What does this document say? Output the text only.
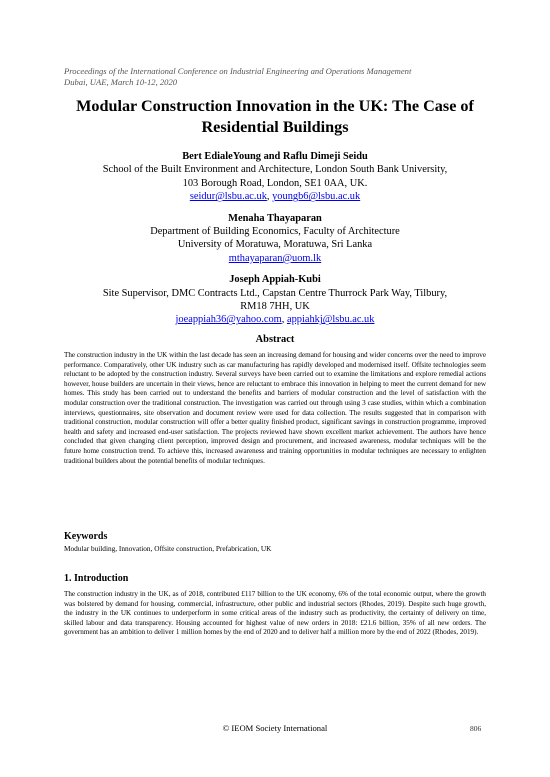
Proceedings of the International Conference on Industrial Engineering and Operations Management
Dubai, UAE, March 10-12, 2020
Modular Construction Innovation in the UK: The Case of
Residential Buildings
Bert EdialeYoung and Raflu Dimeji Seidu
School of the Built Environment and Architecture, London South Bank University,
103 Borough Road, London, SE1 0AA, UK.
seidur@lsbu.ac.uk, youngb6@lsbu.ac.uk
Menaha Thayaparan
Department of Building Economics, Faculty of Architecture
University of Moratuwa, Moratuwa, Sri Lanka
mthayaparan@uom.lk
Joseph Appiah-Kubi
Site Supervisor, DMC Contracts Ltd., Capstan Centre Thurrock Park Way, Tilbury,
RM18 7HH, UK
joeappiah36@yahoo.com, appiahkj@lsbu.ac.uk
Abstract
The construction industry in the UK within the last decade has seen an increasing demand for housing and wider concerns over the need to improve performance. Comparatively, other UK industry such as car manufacturing has rapidly developed and modernised itself. Offsite technologies seem reluctant to be adopted by the construction industry. Several surveys have been carried out to examine the limitations and explore remedial actions however, house builders are uncertain in their views, hence are reluctant to embrace this innovation in helping to meet the current demand for new homes. This study has been carried out to understand the benefits and barriers of modular construction and the level of satisfaction with the modular construction over the traditional construction. The investigation was carried out through using 3 case studies, within which a combination interviews, questionnaires, site observation and document review were used for data collection. The results suggested that in comparison with traditional construction, modular construction will offer a better quality finished product, significant savings in construction programme, improved health and safety and increased end-user satisfaction. The projects reviewed have shown excellent market achievement. The authors have hence concluded that given changing client perception, improved design and procurement, and increased awareness, modular techniques will be the future home construction trend. To achieve this, increased awareness and training opportunities in modular techniques are necessary to enlighten traditional builders about the potential benefits of modular techniques.
Keywords
Modular building, Innovation, Offsite construction, Prefabrication, UK
1. Introduction
The construction industry in the UK, as of 2018, contributed £117 billion to the UK economy, 6% of the total economic output, where the growth was bolstered by demand for housing, commercial, infrastructure, other public and industrial sectors (Rhodes, 2019). Despite such huge growth, the industry in the UK continues to underperform in some critical areas of the industry such as productivity, the certainty of delivery on time, skilled labour and data transparency. Housing accounted for highest value of new orders in 2018: £21.6 billion, 35% of all new orders. The government has an ambition to deliver 1 million homes by the end of 2020 and to deliver half a million more by the end of 2022 (Rhodes, 2019).
© IEOM Society International	806
